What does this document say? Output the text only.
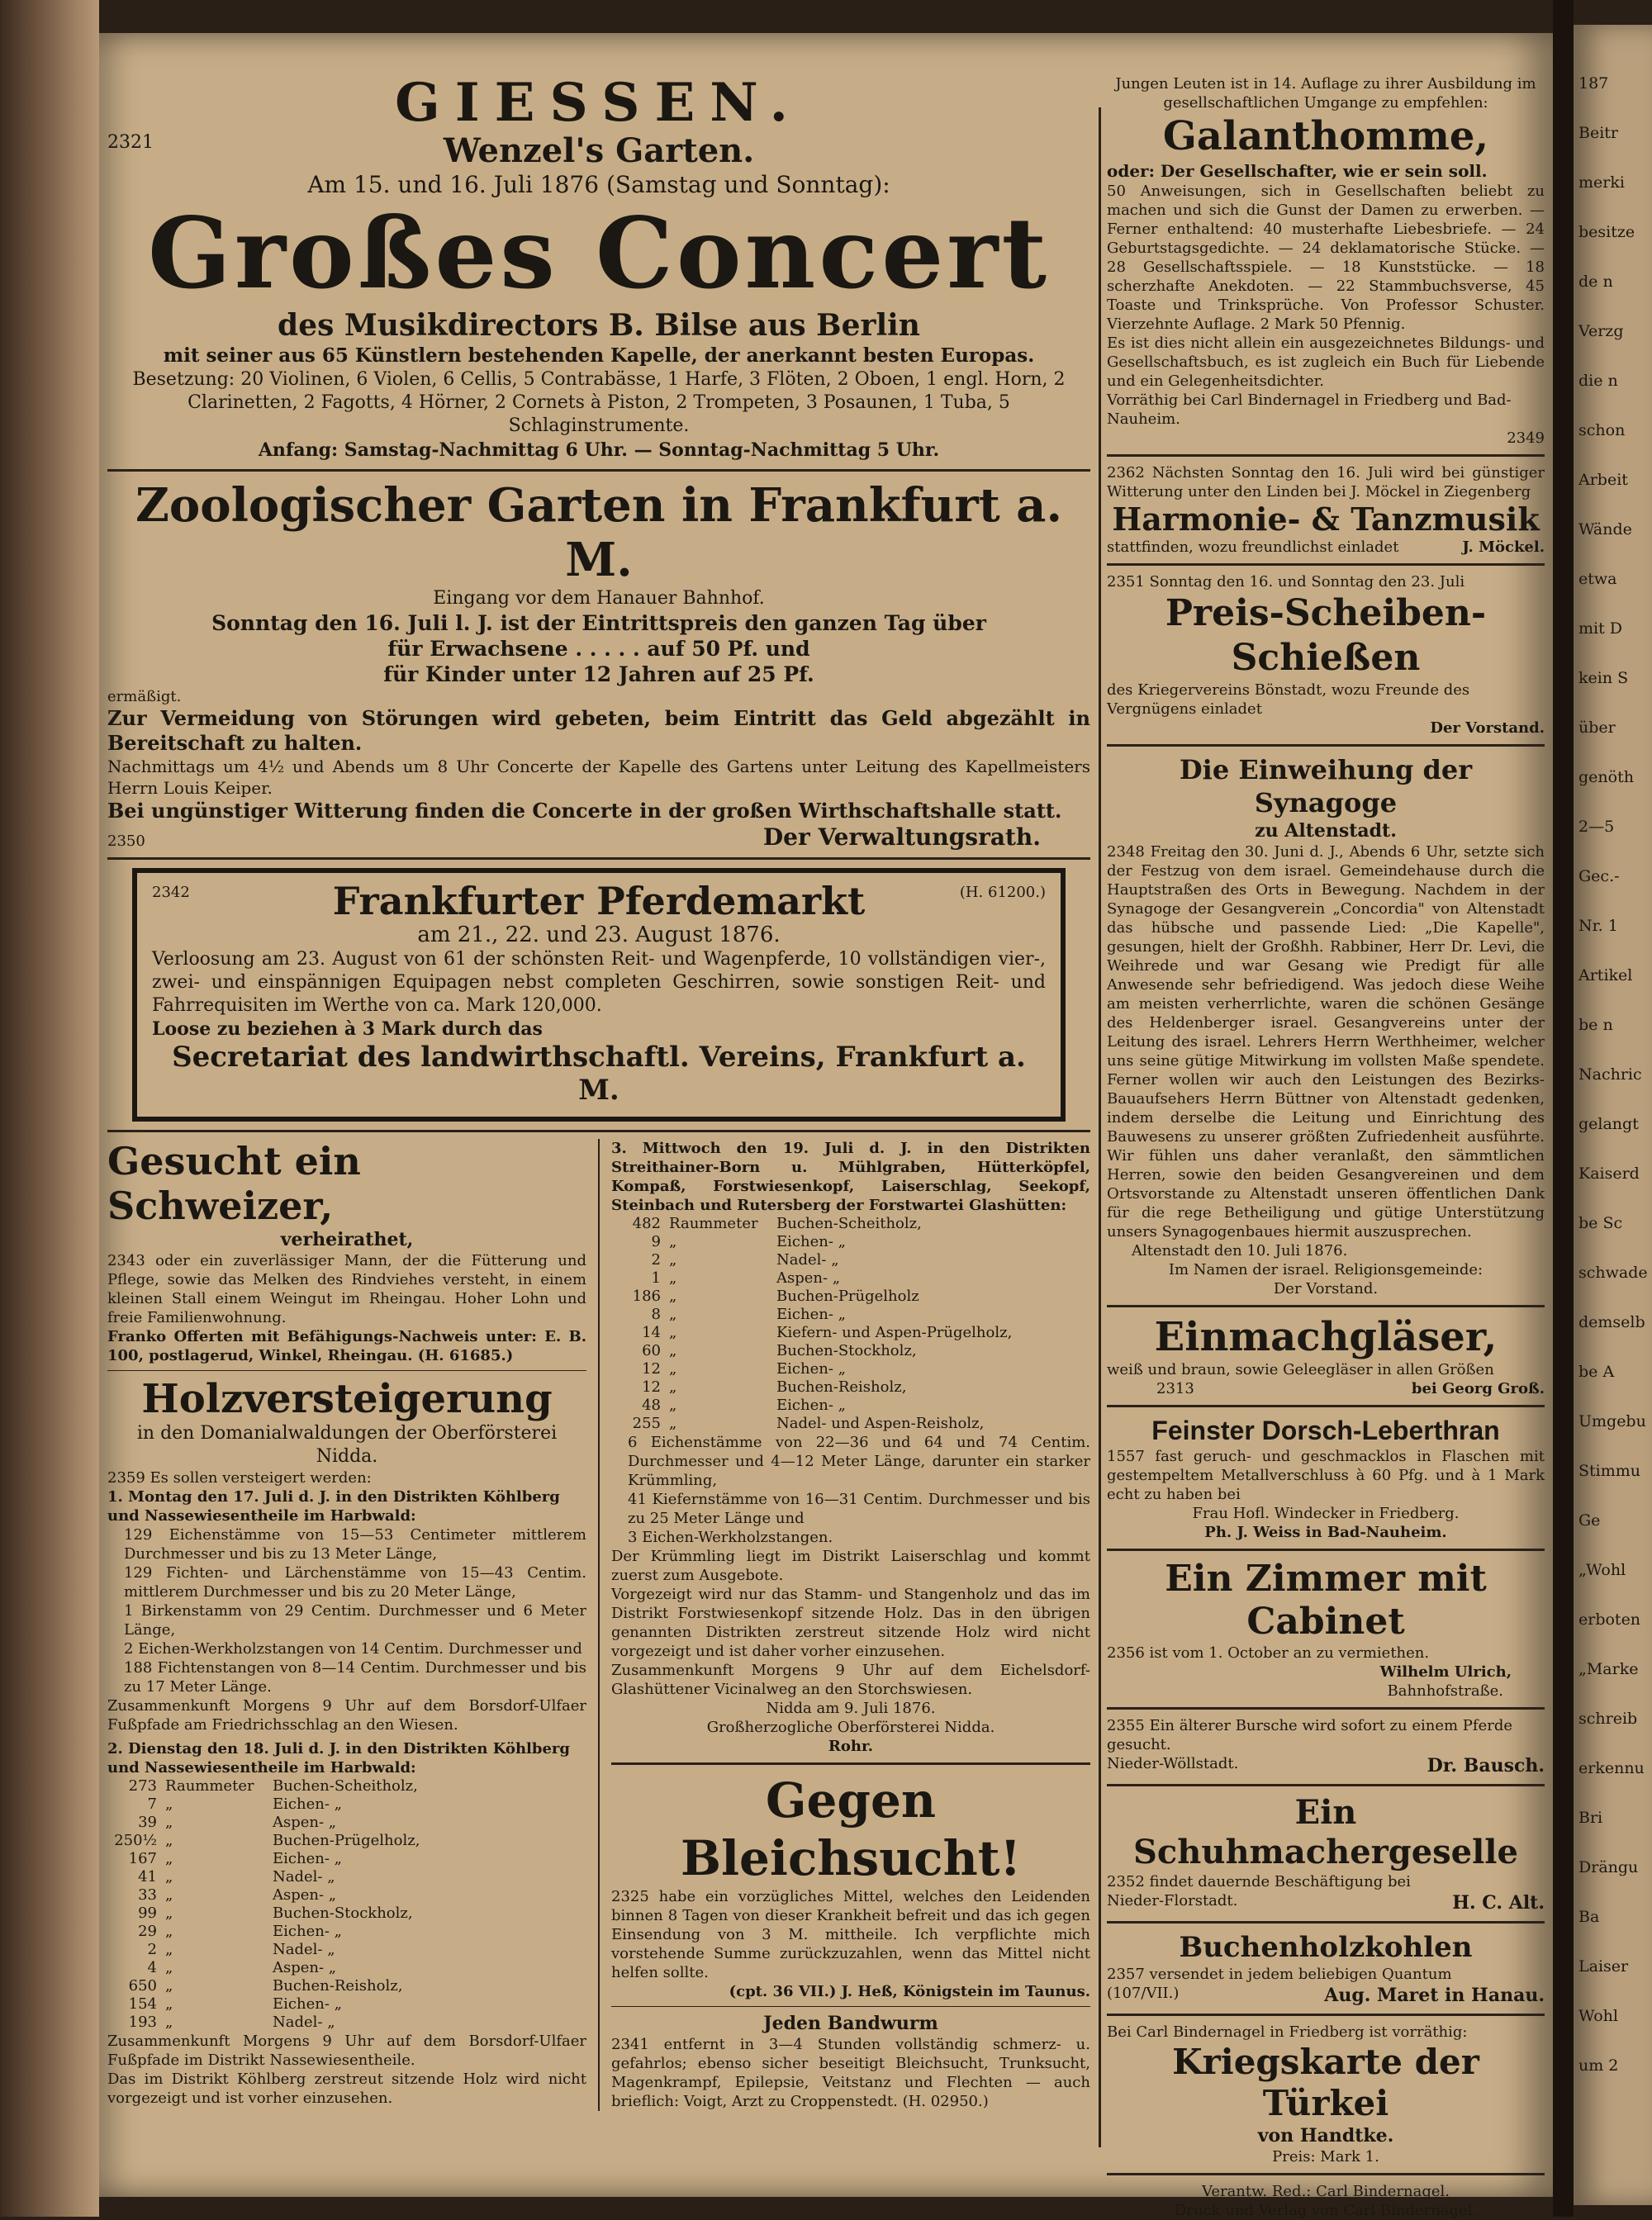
187
Beitr
merki
besitze
de n
Verzg
die n
schon
Arbeit
Wände
etwa
mit D
kein S
über
genöth
2—5
Gec.-
Nr. 1
Artikel
be n
Nachric
gelangt
Kaiserd
be Sc
schwade
demselb
be A
Umgebu
Stimmu
Ge
„Wohl
erboten
„Marke
schreib
erkennu
Bri
Drängu
Ba
Laiser
Wohl
um 2
2321
GIESSEN.
Wenzel's Garten.
Am 15. und 16. Juli 1876 (Samstag und Sonntag):
Großes Concert
des Musikdirectors B. Bilse aus Berlin
mit seiner aus 65 Künstlern bestehenden Kapelle, der anerkannt besten Europas.
Besetzung: 20 Violinen, 6 Violen, 6 Cellis, 5 Contrabässe, 1 Harfe, 3 Flöten, 2 Oboen, 1 engl. Horn, 2 Clarinetten, 2 Fagotts, 4 Hörner, 2 Cornets à Piston, 2 Trompeten, 3 Posaunen, 1 Tuba, 5 Schlaginstrumente.
Anfang: Samstag-Nachmittag 6 Uhr. — Sonntag-Nachmittag 5 Uhr.
Zoologischer Garten in Frankfurt a. M.
Eingang vor dem Hanauer Bahnhof.
Sonntag den 16. Juli l. J. ist der Eintrittspreis den ganzen Tag über
für Erwachsene . . . . . auf 50 Pf. und
für Kinder unter 12 Jahren auf 25 Pf.
ermäßigt.
Zur Vermeidung von Störungen wird gebeten, beim Eintritt das Geld abgezählt in Bereitschaft zu halten.
Nachmittags um 4½ und Abends um 8 Uhr Concerte der Kapelle des Gartens unter Leitung des Kapellmeisters Herrn Louis Keiper.
Bei ungünstiger Witterung finden die Concerte in der großen Wirthschaftshalle statt.
2350	Der Verwaltungsrath.
2342	(H. 61200.)
Frankfurter Pferdemarkt
am 21., 22. und 23. August 1876.
Verloosung am 23. August von 61 der schönsten Reit- und Wagenpferde, 10 vollständigen vier-, zwei- und einspännigen Equipagen nebst completen Geschirren, sowie sonstigen Reit- und Fahrrequisiten im Werthe von ca. Mark 120,000.
Loose zu beziehen à 3 Mark durch das
Secretariat des landwirthschaftl. Vereins, Frankfurt a. M.
Gesucht ein Schweizer,
verheirathet,
2343 oder ein zuverlässiger Mann, der die Fütterung und Pflege, sowie das Melken des Rindviehes versteht, in einem kleinen Stall einem Weingut im Rheingau. Hoher Lohn und freie Familienwohnung.
Franko Offerten mit Befähigungs-Nachweis unter: E. B. 100, postlagerud, Winkel, Rheingau. (H. 61685.)
Holzversteigerung
in den Domanialwaldungen der Oberförsterei Nidda.
2359 Es sollen versteigert werden:
1. Montag den 17. Juli d. J. in den Distrikten Köhlberg und Nassewiesentheile im Harbwald:
129 Eichenstämme von 15—53 Centimeter mittlerem Durchmesser und bis zu 13 Meter Länge,
129 Fichten- und Lärchenstämme von 15—43 Centim. mittlerem Durchmesser und bis zu 20 Meter Länge,
1 Birkenstamm von 29 Centim. Durchmesser und 6 Meter Länge,
2 Eichen-Werkholzstangen von 14 Centim. Durchmesser und
188 Fichtenstangen von 8—14 Centim. Durchmesser und bis zu 17 Meter Länge.
Zusammenkunft Morgens 9 Uhr auf dem Borsdorf-Ulfaer Fußpfade am Friedrichsschlag an den Wiesen.
2. Dienstag den 18. Juli d. J. in den Distrikten Köhlberg und Nassewiesentheile im Harbwald:
273 Raummeter	Buchen-Scheitholz,
7 „	Eichen- „
39 „	Aspen- „
250½ „	Buchen-Prügelholz,
167 „	Eichen- „
41 „	Nadel- „
33 „	Aspen- „
99 „	Buchen-Stockholz,
29 „	Eichen- „
2 „	Nadel- „
4 „	Aspen- „
650 „	Buchen-Reisholz,
154 „	Eichen- „
193 „	Nadel- „
Zusammenkunft Morgens 9 Uhr auf dem Borsdorf-Ulfaer Fußpfade im Distrikt Nassewiesentheile.
Das im Distrikt Köhlberg zerstreut sitzende Holz wird nicht vorgezeigt und ist vorher einzusehen.
3. Mittwoch den 19. Juli d. J. in den Distrikten Streithainer-Born u. Mühlgraben, Hütterköpfel, Kompaß, Forstwiesenkopf, Laiserschlag, Seekopf, Steinbach und Rutersberg der Forstwartei Glashütten:
482 Raummeter	Buchen-Scheitholz,
9 „	Eichen- „
2 „	Nadel- „
1 „	Aspen- „
186 „	Buchen-Prügelholz
8 „	Eichen- „
14 „	Kiefern- und Aspen-Prügelholz,
60 „	Buchen-Stockholz,
12 „	Eichen- „
12 „	Buchen-Reisholz,
48 „	Eichen- „
255 „	Nadel- und Aspen-Reisholz,
6 Eichenstämme von 22—36 und 64 und 74 Centim. Durchmesser und 4—12 Meter Länge, darunter ein starker Krümmling,
41 Kiefernstämme von 16—31 Centim. Durchmesser und bis zu 25 Meter Länge und
3 Eichen-Werkholzstangen.
Der Krümmling liegt im Distrikt Laiserschlag und kommt zuerst zum Ausgebote.
Vorgezeigt wird nur das Stamm- und Stangenholz und das im Distrikt Forstwiesenkopf sitzende Holz. Das in den übrigen genannten Distrikten zerstreut sitzende Holz wird nicht vorgezeigt und ist daher vorher einzusehen.
Zusammenkunft Morgens 9 Uhr auf dem Eichelsdorf-Glashüttener Vicinalweg an den Storchswiesen.
Nidda am 9. Juli 1876.
Großherzogliche Oberförsterei Nidda.
Rohr.
Gegen Bleichsucht!
2325 habe ein vorzügliches Mittel, welches den Leidenden binnen 8 Tagen von dieser Krankheit befreit und das ich gegen Einsendung von 3 M. mittheile. Ich verpflichte mich vorstehende Summe zurückzuzahlen, wenn das Mittel nicht helfen sollte.
(cpt. 36 VII.) J. Heß, Königstein im Taunus.
Jeden Bandwurm
2341 entfernt in 3—4 Stunden vollständig schmerz- u. gefahrlos; ebenso sicher beseitigt Bleichsucht, Trunksucht, Magenkrampf, Epilepsie, Veitstanz und Flechten — auch brieflich: Voigt, Arzt zu Croppenstedt. (H. 02950.)
Jungen Leuten ist in 14. Auflage zu ihrer Ausbildung im gesellschaftlichen Umgange zu empfehlen:
Galanthomme,
oder: Der Gesellschafter, wie er sein soll.
50 Anweisungen, sich in Gesellschaften beliebt zu machen und sich die Gunst der Damen zu erwerben. — Ferner enthaltend: 40 musterhafte Liebesbriefe. — 24 Geburtstagsgedichte. — 24 deklamatorische Stücke. — 28 Gesellschaftsspiele. — 18 Kunststücke. — 18 scherzhafte Anekdoten. — 22 Stammbuchsverse, 45 Toaste und Trinksprüche. Von Professor Schuster. Vierzehnte Auflage. 2 Mark 50 Pfennig.
Es ist dies nicht allein ein ausgezeichnetes Bildungs- und Gesellschaftsbuch, es ist zugleich ein Buch für Liebende und ein Gelegenheitsdichter.
Vorräthig bei Carl Bindernagel in Friedberg und Bad-Nauheim.
2349
2362 Nächsten Sonntag den 16. Juli wird bei günstiger Witterung unter den Linden bei J. Möckel in Ziegenberg
Harmonie- & Tanzmusik
stattfinden, wozu freundlichst einladet	J. Möckel.
2351 Sonntag den 16. und Sonntag den 23. Juli
Preis-Scheiben-Schießen
des Kriegervereins Bönstadt, wozu Freunde des Vergnügens einladet
Der Vorstand.
Die Einweihung der Synagoge
zu Altenstadt.
2348 Freitag den 30. Juni d. J., Abends 6 Uhr, setzte sich der Festzug von dem israel. Gemeindehause durch die Hauptstraßen des Orts in Bewegung. Nachdem in der Synagoge der Gesangverein „Concordia" von Altenstadt das hübsche und passende Lied: „Die Kapelle", gesungen, hielt der Großhh. Rabbiner, Herr Dr. Levi, die Weihrede und war Gesang wie Predigt für alle Anwesende sehr befriedigend. Was jedoch diese Weihe am meisten verherrlichte, waren die schönen Gesänge des Heldenberger israel. Gesangvereins unter der Leitung des israel. Lehrers Herrn Werthheimer, welcher uns seine gütige Mitwirkung im vollsten Maße spendete. Ferner wollen wir auch den Leistungen des Bezirks-Bauaufsehers Herrn Büttner von Altenstadt gedenken, indem derselbe die Leitung und Einrichtung des Bauwesens zu unserer größten Zufriedenheit ausführte. Wir fühlen uns daher veranlaßt, den sämmtlichen Herren, sowie den beiden Gesangvereinen und dem Ortsvorstande zu Altenstadt unseren öffentlichen Dank für die rege Betheiligung und gütige Unterstützung unsers Synagogenbaues hiermit auszusprechen.
Altenstadt den 10. Juli 1876.
Im Namen der israel. Religionsgemeinde:
Der Vorstand.
Einmachgläser,
weiß und braun, sowie Geleegläser in allen Größen
2313	bei Georg Groß.
Feinster Dorsch-Leberthran
1557 fast geruch- und geschmacklos in Flaschen mit gestempeltem Metallverschluss à 60 Pfg. und à 1 Mark echt zu haben bei
Frau Hofl. Windecker in Friedberg.
Ph. J. Weiss in Bad-Nauheim.
Ein Zimmer mit Cabinet
2356 ist vom 1. October an zu vermiethen.
Wilhelm Ulrich,
Bahnhofstraße.
2355 Ein älterer Bursche wird sofort zu einem Pferde gesucht.
Nieder-Wöllstadt.	Dr. Bausch.
Ein Schuhmachergeselle
2352 findet dauernde Beschäftigung bei
Nieder-Florstadt.	H. C. Alt.
Buchenholzkohlen
2357 versendet in jedem beliebigen Quantum
(107/VII.)	Aug. Maret in Hanau.
Bei Carl Bindernagel in Friedberg ist vorräthig:
Kriegskarte der Türkei
von Handtke.
Preis: Mark 1.
Verantw. Red.: Carl Bindernagel.
Druck und Verlag von Carl Bindernagel.
